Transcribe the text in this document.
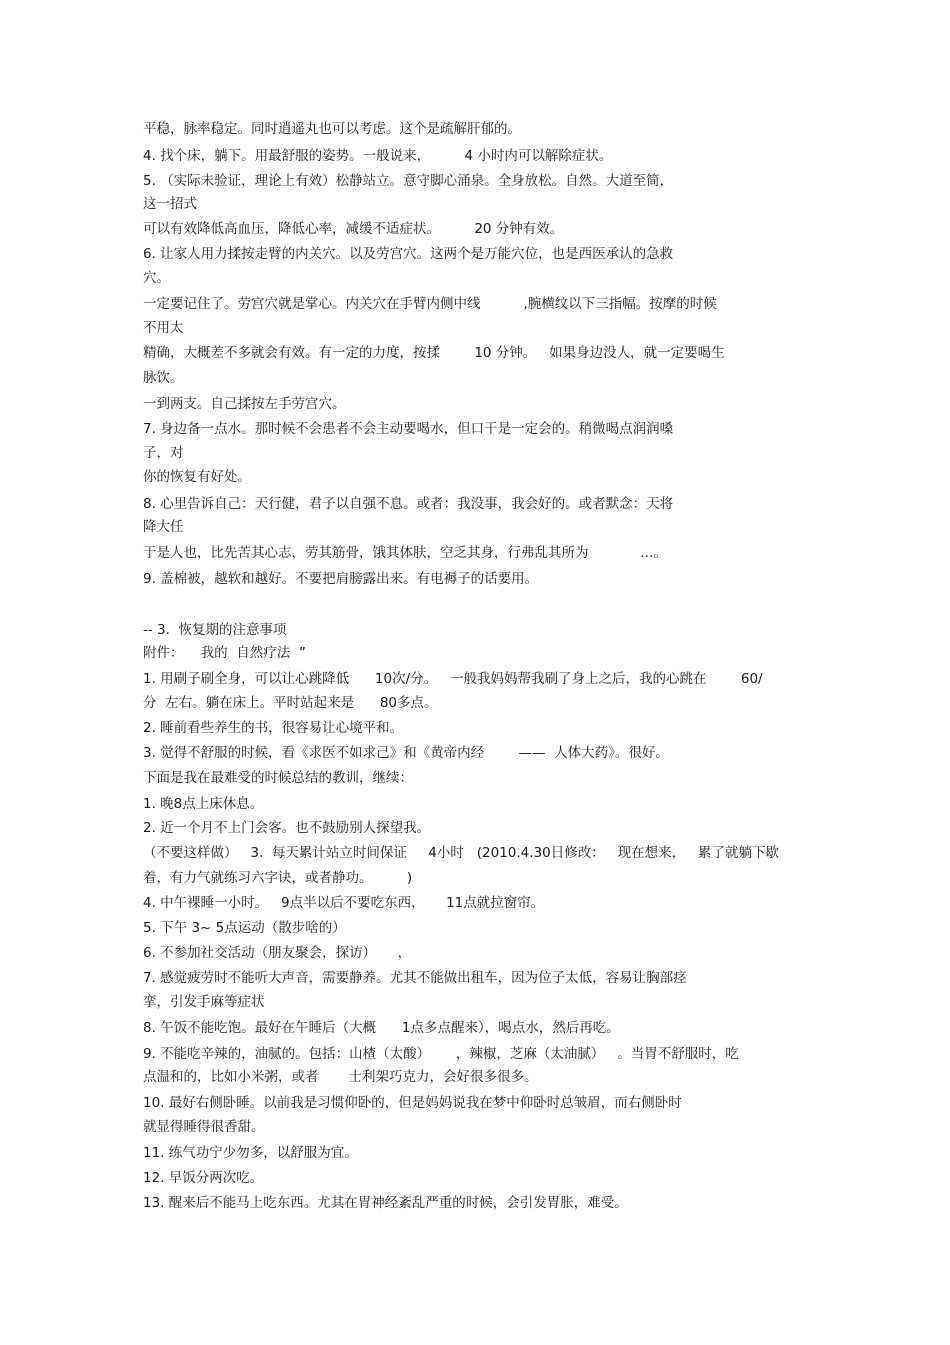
平稳，脉率稳定。同时逍遥丸也可以考虑。这个是疏解肝郁的。
4. 找个床，躺下。用最舒服的姿势。一般说来，        4 小时内可以解除症状。
5. （实际未验证，理论上有效）松静站立。意守脚心涌泉。全身放松。自然。大道至简，
这一招式
可以有效降低高血压，降低心率，减缓不适症状。        20 分钟有效。
6. 让家人用力揉按走臂的内关穴。以及劳宫穴。这两个是万能穴位，也是西医承认的急救
穴。
一定要记住了。劳宫穴就是掌心。内关穴在手臂内侧中线          ,腕横纹以下三指幅。按摩的时候
不用太
精确，大概差不多就会有效。有一定的力度，按揉        10 分钟。   如果身边没人，就一定要喝生
脉饮。
一到两支。自己揉按左手劳宫穴。
7. 身边备一点水。那时候不会患者不会主动要喝水，但口干是一定会的。稍微喝点润润嗓
子，对
你的恢复有好处。
8. 心里告诉自己：天行健，君子以自强不息。或者：我没事，我会好的。或者默念：天将
降大任
于是人也，比先苦其心志，劳其筋骨，饿其体肤，空乏其身，行弗乱其所为            …。
9. 盖棉被，越软和越好。不要把肩膀露出来。有电褥子的话要用。
-- 3.  恢复期的注意事项
附件：    我的  自然疗法  ”
1. 用刷子刷全身，可以让心跳降低      10次/分。   一般我妈妈帮我刷了身上之后，我的心跳在        60/
分  左右。躺在床上。平时站起来是      80多点。
2. 睡前看些养生的书，很容易让心境平和。
3. 觉得不舒服的时候，看《求医不如求己》和《黄帝内经        ——  人体大药》。很好。
下面是我在最难受的时候总结的教训，继续：
1. 晚8点上床休息。
2. 近一个月不上门会客。也不鼓励别人探望我。
（不要这样做）   3.  每天累计站立时间保证     4小时   (2010.4.30日修改：   现在想来，   累了就躺下歇
着，有力气就练习六字诀，或者静功。        )
4. 中午裸睡一小时。   9点半以后不要吃东西，     11点就拉窗帘。
5. 下午 3~ 5点运动（散步啥的）
6. 不参加社交活动（朋友聚会，探访）     ，
7. 感觉疲劳时不能听大声音，需要静养。尤其不能做出租车，因为位子太低，容易让胸部痉
挛，引发手麻等症状
8. 午饭不能吃饱。最好在午睡后（大概      1点多点醒来），喝点水，然后再吃。
9. 不能吃辛辣的，油腻的。包括：山楂（太酸）      ，辣椒，芝麻（太油腻）   。当胃不舒服时，吃
点温和的，比如小米粥，或者       士利架巧克力，会好很多很多。
10. 最好右侧卧睡。以前我是习惯仰卧的，但是妈妈说我在梦中仰卧时总皱眉，而右侧卧时
就显得睡得很香甜。
11. 练气功宁少勿多，以舒服为宜。
12. 早饭分两次吃。
13. 醒来后不能马上吃东西。尤其在胃神经紊乱严重的时候，会引发胃胀，难受。
